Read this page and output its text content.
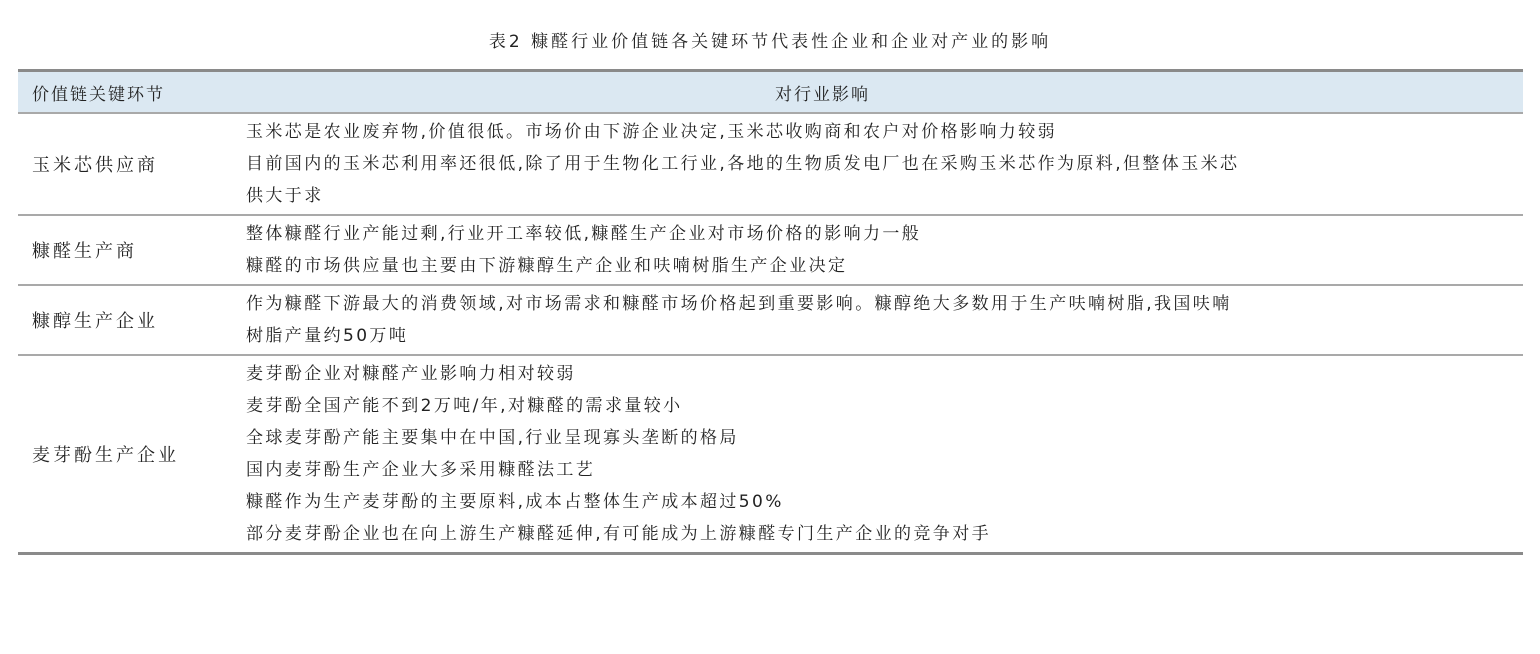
表2 糠醛行业价值链各关键环节代表性企业和企业对产业的影响
价值链关键环节	对行业影响
玉米芯供应商
玉米芯是农业废弃物,价值很低。市场价由下游企业决定,玉米芯收购商和农户对价格影响力较弱
目前国内的玉米芯利用率还很低,除了用于生物化工行业,各地的生物质发电厂也在采购玉米芯作为原料,但整体玉米芯
供大于求
糠醛生产商
整体糠醛行业产能过剩,行业开工率较低,糠醛生产企业对市场价格的影响力一般
糠醛的市场供应量也主要由下游糠醇生产企业和呋喃树脂生产企业决定
糠醇生产企业
作为糠醛下游最大的消费领域,对市场需求和糠醛市场价格起到重要影响。糠醇绝大多数用于生产呋喃树脂,我国呋喃
树脂产量约50万吨
麦芽酚生产企业
麦芽酚企业对糠醛产业影响力相对较弱
麦芽酚全国产能不到2万吨/年,对糠醛的需求量较小
全球麦芽酚产能主要集中在中国,行业呈现寡头垄断的格局
国内麦芽酚生产企业大多采用糠醛法工艺
糠醛作为生产麦芽酚的主要原料,成本占整体生产成本超过50%
部分麦芽酚企业也在向上游生产糠醛延伸,有可能成为上游糠醛专门生产企业的竞争对手
